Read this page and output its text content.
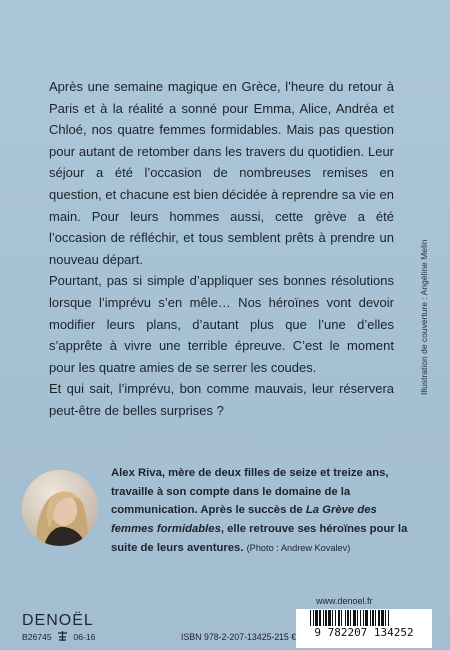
Après une semaine magique en Grèce, l’heure du retour à Paris et à la réalité a sonné pour Emma, Alice, Andréa et Chloé, nos quatre femmes formidables. Mais pas question pour autant de retomber dans les travers du quotidien. Leur séjour a été l’occasion de nombreuses remises en question, et chacune est bien décidée à reprendre sa vie en main. Pour leurs hommes aussi, cette grève a été l’occasion de réfléchir, et tous semblent prêts à prendre un nouveau départ.

Pourtant, pas si simple d’appliquer ses bonnes résolutions lorsque l’imprévu s’en mêle… Nos héroïnes vont devoir modifier leurs plans, d’autant plus que l’une d’elles s’apprête à vivre une terrible épreuve. C’est le moment pour les quatre amies de se serrer les coudes.

Et qui sait, l’imprévu, bon comme mauvais, leur réservera peut-être de belles surprises ?

Illustration de couverture : Angéline Melin
Alex Riva, mère de deux filles de seize et treize ans, travaille à son compte dans le domaine de la communication. Après le succès de La Grève des femmes formidables, elle retrouve ses héroïnes pour la suite de leurs aventures. (Photo : Andrew Kovalev)
www.denoel.fr
DENOËL
B26745	06-16	ISBN 978-2-207-13425-2 15 €	9 782207 134252
